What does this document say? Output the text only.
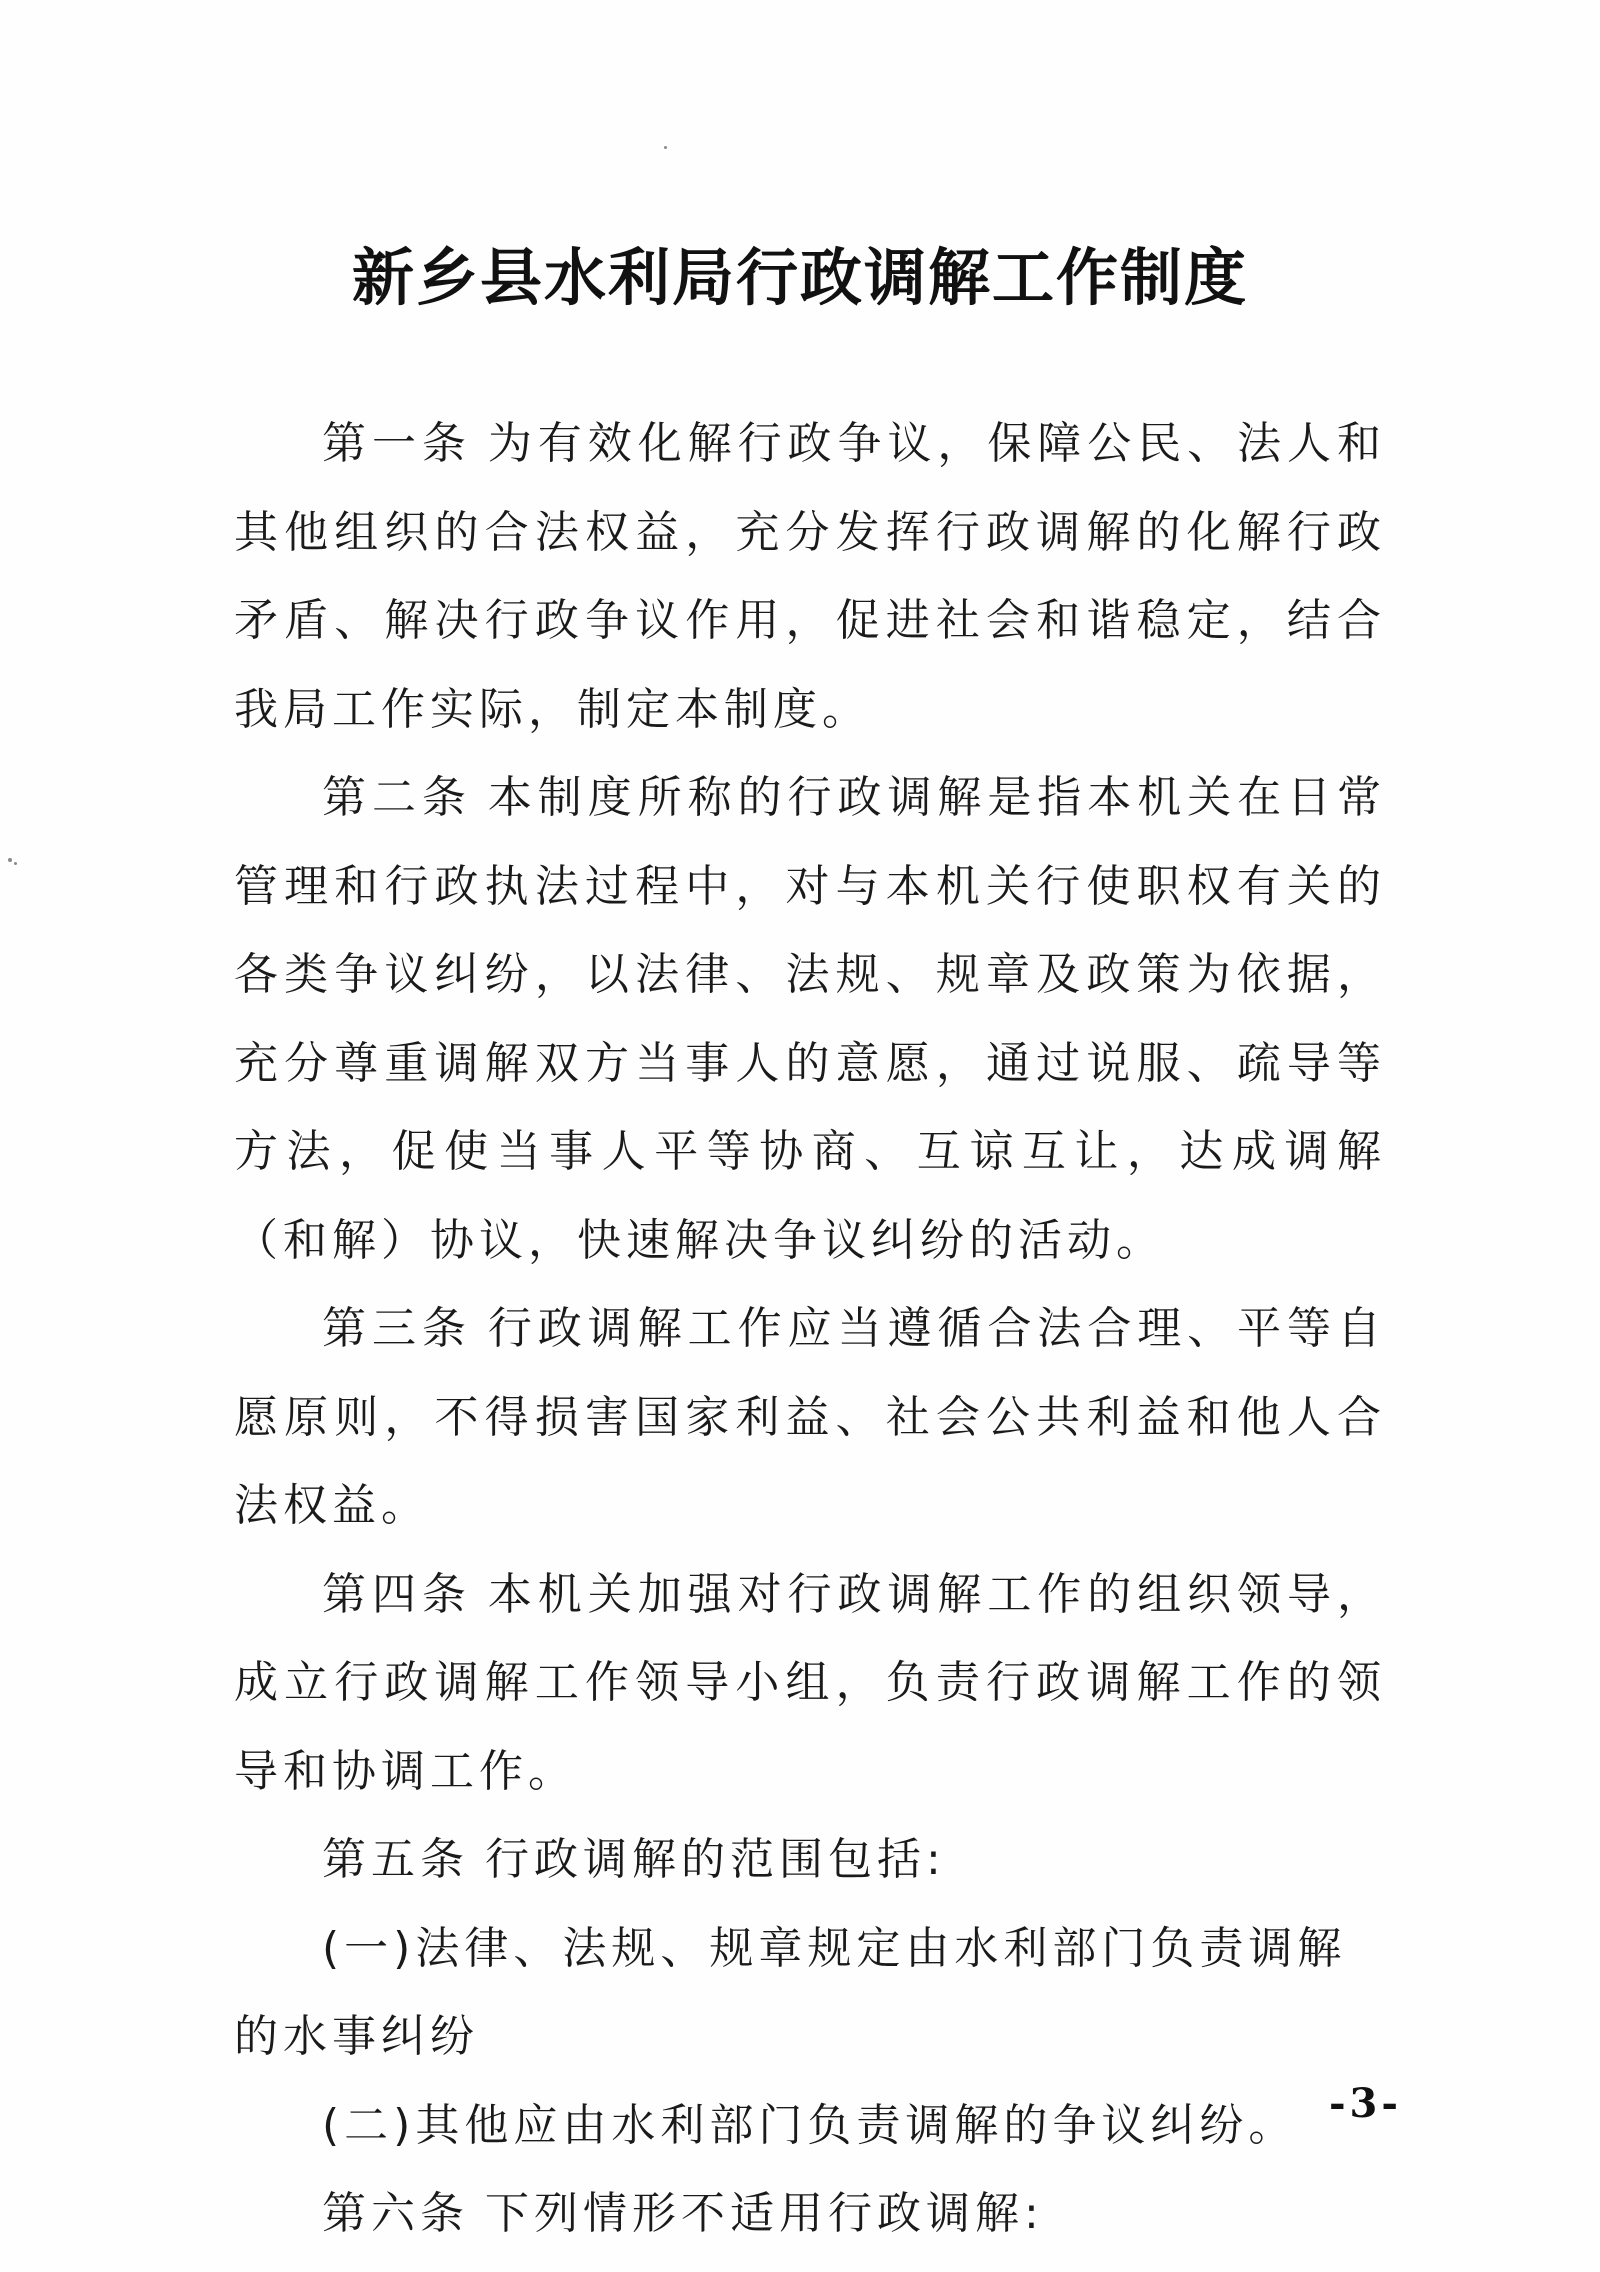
新乡县水利局行政调解工作制度

第一条 为有效化解行政争议，保障公民、法人和其他组织的合法权益，充分发挥行政调解的化解行政矛盾、解决行政争议作用，促进社会和谐稳定，结合我局工作实际，制定本制度。

第二条 本制度所称的行政调解是指本机关在日常管理和行政执法过程中，对与本机关行使职权有关的各类争议纠纷，以法律、法规、规章及政策为依据，充分尊重调解双方当事人的意愿，通过说服、疏导等方法，促使当事人平等协商、互谅互让，达成调解（和解）协议，快速解决争议纠纷的活动。

第三条 行政调解工作应当遵循合法合理、平等自愿原则，不得损害国家利益、社会公共利益和他人合法权益。

第四条 本机关加强对行政调解工作的组织领导，成立行政调解工作领导小组，负责行政调解工作的领导和协调工作。

第五条 行政调解的范围包括:

(一)法律、法规、规章规定由水利部门负责调解的水事纠纷

(二)其他应由水利部门负责调解的争议纠纷。

第六条 下列情形不适用行政调解:

-3-
